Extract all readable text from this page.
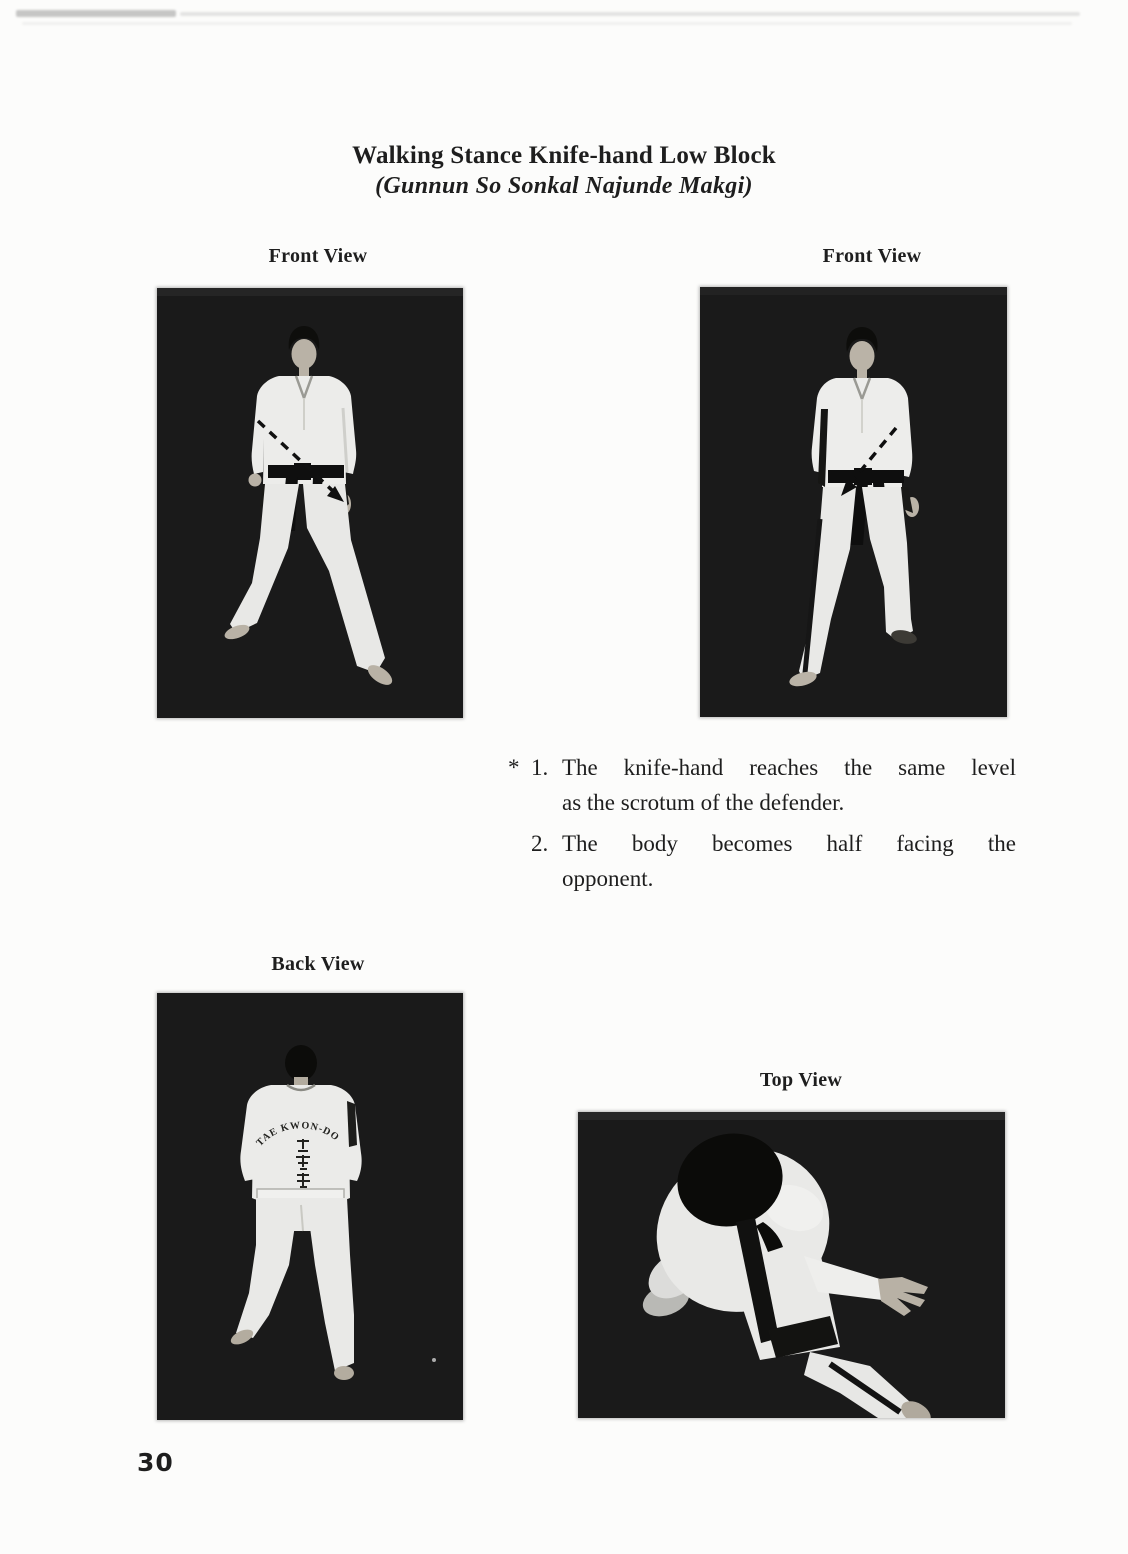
Walking Stance Knife-hand Low Block
(Gunnun So Sonkal Najunde Makgi)
Front View	Front View
Back View
Top View
* 1. The knife-hand reaches the same level
as the scrotum of the defender.
2. The body becomes half facing the
opponent.
TAE KWON-DO
30
